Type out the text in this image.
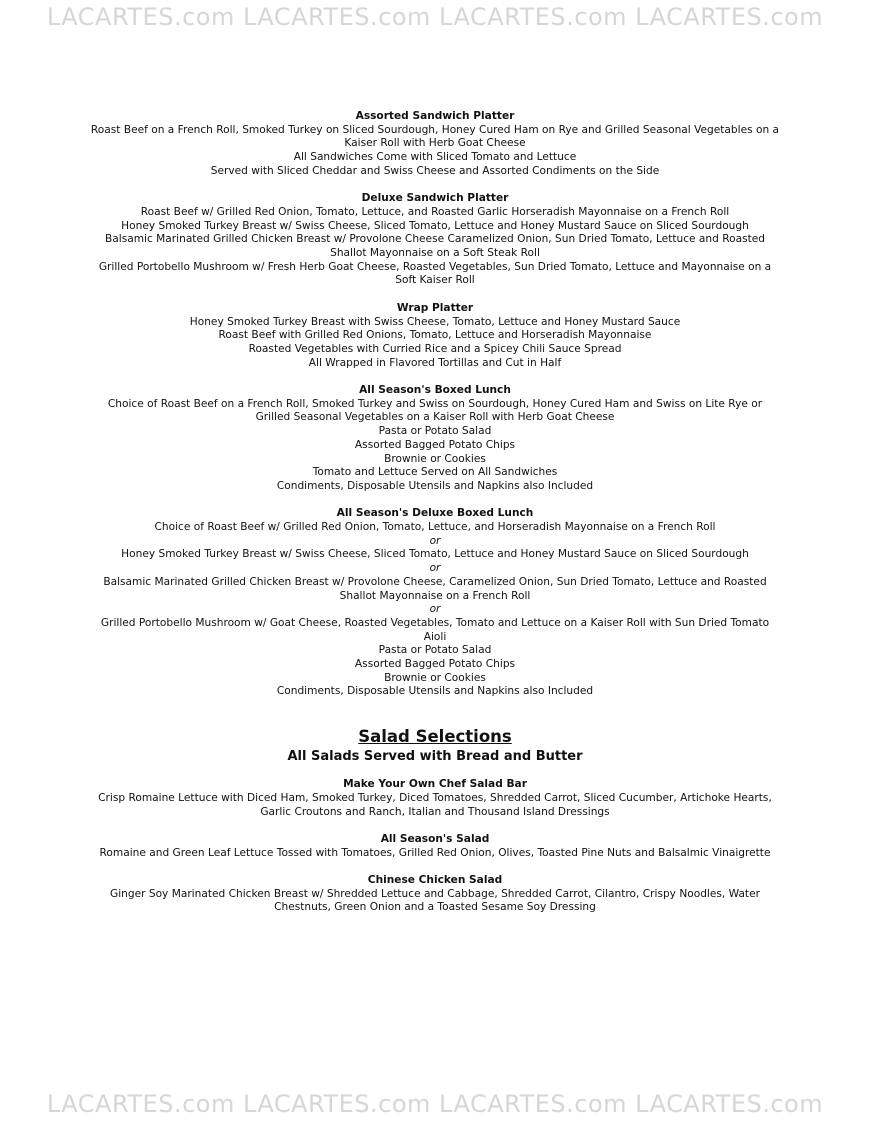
LACARTES.com LACARTES.com LACARTES.com LACARTES.com
Assorted Sandwich Platter
Roast Beef on a French Roll, Smoked Turkey on Sliced Sourdough, Honey Cured Ham on Rye and Grilled Seasonal Vegetables on a Kaiser Roll with Herb Goat Cheese
All Sandwiches Come with Sliced Tomato and Lettuce
Served with Sliced Cheddar and Swiss Cheese and Assorted Condiments on the Side
Deluxe Sandwich Platter
Roast Beef w/ Grilled Red Onion, Tomato, Lettuce, and Roasted Garlic Horseradish Mayonnaise on a French Roll
Honey Smoked Turkey Breast w/ Swiss Cheese, Sliced Tomato, Lettuce and Honey Mustard Sauce on Sliced Sourdough
Balsamic Marinated Grilled Chicken Breast w/ Provolone Cheese Caramelized Onion, Sun Dried Tomato, Lettuce and Roasted Shallot Mayonnaise on a Soft Steak Roll
Grilled Portobello Mushroom w/ Fresh Herb Goat Cheese, Roasted Vegetables, Sun Dried Tomato, Lettuce and Mayonnaise on a Soft Kaiser Roll
Wrap Platter
Honey Smoked Turkey Breast with Swiss Cheese, Tomato, Lettuce and Honey Mustard Sauce
Roast Beef with Grilled Red Onions, Tomato, Lettuce and Horseradish Mayonnaise
Roasted Vegetables with Curried Rice and a Spicey Chili Sauce Spread
All Wrapped in Flavored Tortillas and Cut in Half
All Season's Boxed Lunch
Choice of Roast Beef on a French Roll, Smoked Turkey and Swiss on Sourdough, Honey Cured Ham and Swiss on Lite Rye or Grilled Seasonal Vegetables on a Kaiser Roll with Herb Goat Cheese
Pasta or Potato Salad
Assorted Bagged Potato Chips
Brownie or Cookies
Tomato and Lettuce Served on All Sandwiches
Condiments, Disposable Utensils and Napkins also Included
All Season's Deluxe Boxed Lunch
Choice of Roast Beef w/ Grilled Red Onion, Tomato, Lettuce, and Horseradish Mayonnaise on a French Roll
or
Honey Smoked Turkey Breast w/ Swiss Cheese, Sliced Tomato, Lettuce and Honey Mustard Sauce on Sliced Sourdough
or
Balsamic Marinated Grilled Chicken Breast w/ Provolone Cheese, Caramelized Onion, Sun Dried Tomato, Lettuce and Roasted Shallot Mayonnaise on a French Roll
or
Grilled Portobello Mushroom w/ Goat Cheese, Roasted Vegetables, Tomato and Lettuce on a Kaiser Roll with Sun Dried Tomato Aioli
Pasta or Potato Salad
Assorted Bagged Potato Chips
Brownie or Cookies
Condiments, Disposable Utensils and Napkins also Included
Salad Selections
All Salads Served with Bread and Butter
Make Your Own Chef Salad Bar
Crisp Romaine Lettuce with Diced Ham, Smoked Turkey, Diced Tomatoes, Shredded Carrot, Sliced Cucumber, Artichoke Hearts, Garlic Croutons and Ranch, Italian and Thousand Island Dressings
All Season's Salad
Romaine and Green Leaf Lettuce Tossed with Tomatoes, Grilled Red Onion, Olives, Toasted Pine Nuts and Balsalmic Vinaigrette
Chinese Chicken Salad
Ginger Soy Marinated Chicken Breast w/ Shredded Lettuce and Cabbage, Shredded Carrot, Cilantro, Crispy Noodles, Water Chestnuts, Green Onion and a Toasted Sesame Soy Dressing
LACARTES.com LACARTES.com LACARTES.com LACARTES.com
